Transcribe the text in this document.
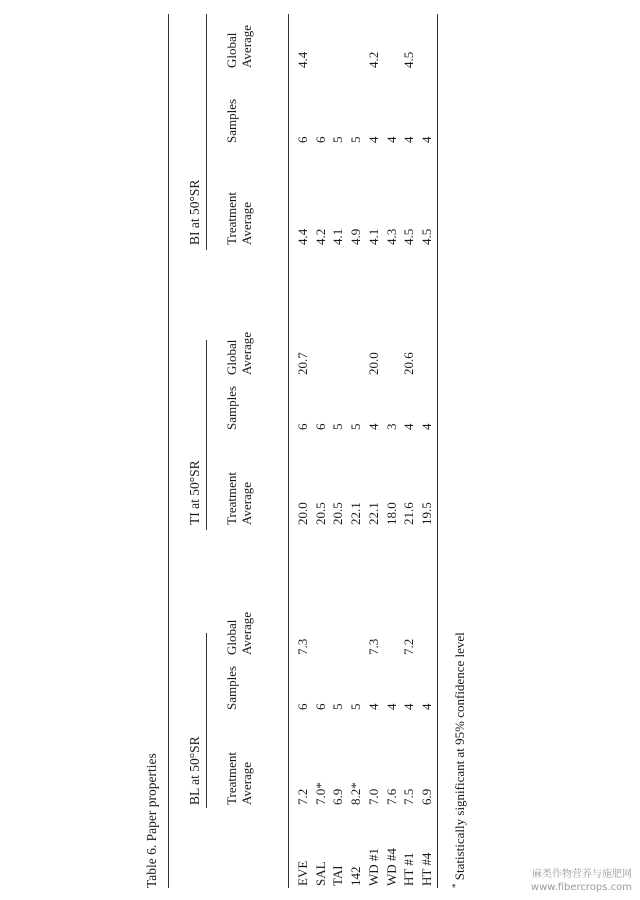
Table 6. Paper properties BL at 50°SR
TI at 50°SR
BI at 50°SR
Treatment Average
Samples
Global Average
Treatment Average
Samples
Global Average
Treatment Average
Samples
Global Average
EVE
7.2
6
7.3
20.0
6
20.7
4.4
6
4.4
SAL
7.0*
6
20.5
6
4.2
6
TAI
6.9
5
20.5
5
4.1
5
142
8.2*
5
22.1
5
4.9
5
WD #1
7.0
4
7.3
22.1
4
20.0
4.1
4
4.2
WD #4
7.6
4
18.0
3
4.3
4
HT #1
7.5
4
7.2
21.6
4
20.6
4.5
4
4.5
HT #4
6.9
4
19.5
4
4.5
4
* Statistically significant at 95% confidence level	麻类作物营养与施肥网
www.fibercrops.com
